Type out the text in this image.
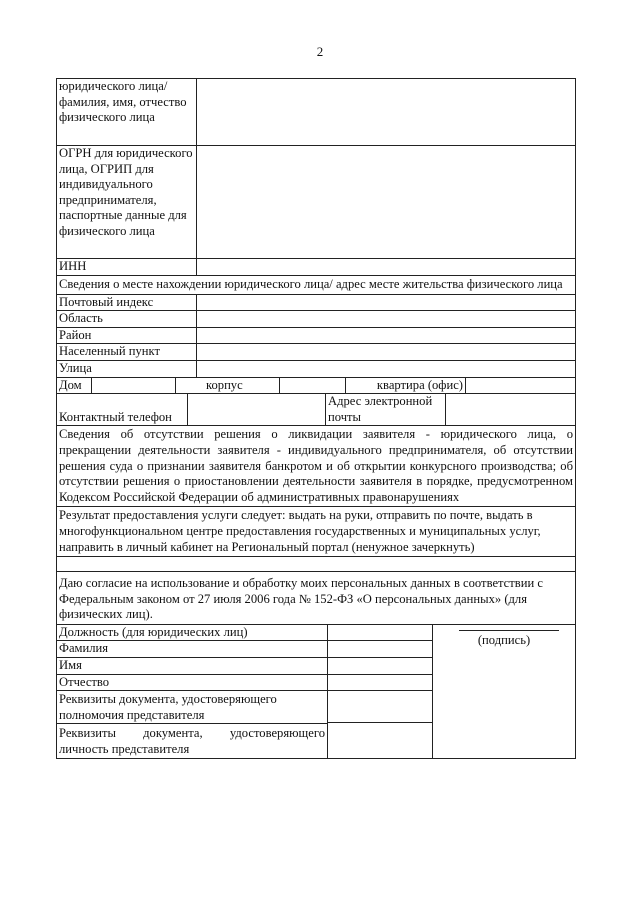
2
юридического лица/фамилия, имя, отчество физического лица
ОГРН для юридического лица, ОГРИП для индивидуального предпринимателя, паспортные данные для физического лица
ИНН
Сведения о месте нахождении юридического лица/ адрес месте жительства физического лица
Почтовый индекс
Область
Район
Населенный пункт
Улица
Дом	корпус	квартира (офис)
Контактный телефон
Адрес электронной почты
Сведения об отсутствии решения о ликвидации заявителя - юридического лица, о прекращении деятельности заявителя - индивидуального предпринимателя, об отсутствии решения суда о признании заявителя банкротом и об открытии конкурсного производства; об отсутствии решения о приостановлении деятельности заявителя в порядке, предусмотренном Кодексом Российской Федерации об административных правонарушениях
Результат предоставления услуги следует: выдать на руки, отправить по почте, выдать в многофункциональном центре предоставления государственных и муниципальных услуг, направить в личный кабинет на Региональный портал (ненужное зачеркнуть)
Даю согласие на использование и обработку моих персональных данных в соответствии с Федеральным законом от 27 июля 2006 года № 152-ФЗ «О персональных данных» (для физических лиц).
Должность (для юридических лиц)
Фамилия
Имя
Отчество
Реквизиты документа, удостоверяющего полномочия представителя
Реквизиты документа, удостоверяющего личность представителя
(подпись)
